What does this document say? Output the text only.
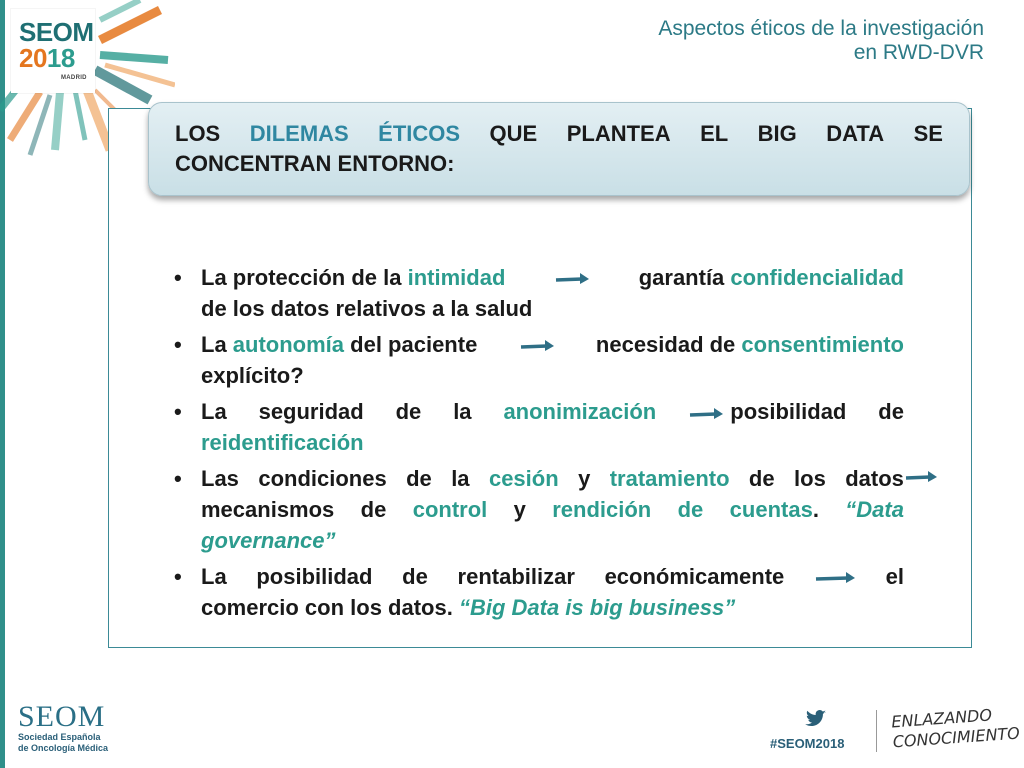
SEOM
2018
MADRID
Aspectos éticos de la investigación
en RWD-DVR
LOS DILEMAS ÉTICOS QUE PLANTEA EL BIG DATA SE
CONCENTRAN ENTORNO:
• La protección de la intimidad	garantía confidencialidad
de los datos relativos a la salud
• La autonomía del paciente	necesidad de consentimiento
explícito?
• La seguridad de la anonimización	posibilidad de
reidentificación
• Las condiciones de la cesión y tratamiento de los datos
mecanismos de control y rendición de cuentas. “Data
governance”
• La posibilidad de rentabilizar económicamente	el
comercio con los datos. “Big Data is big business”
SEOM
Sociedad Española
de Oncología Médica	#SEOM2018
ENLAZANDO
CONOCIMIENTO
